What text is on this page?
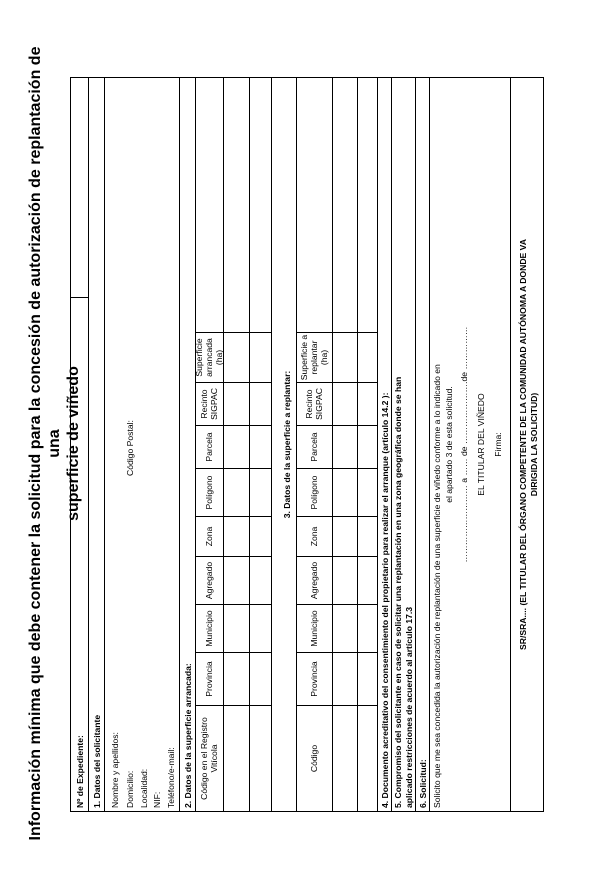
Información mínima que debe contener la solicitud para la concesión de autorización de replantación de una superficie de viñedo
Nº de Expediente: 1. Datos del solicitante Nombre y apellidos: Domicilio:
Código Postal:
Localidad: NIF: Teléfono/e-mail: 2. Datos de la superficie arrancada: Código en el Registro Vitícola
Provincia
Municipio
Agregado
Zona
Polígono
Parcela
Recinto SIGPAC
Superficie arrancada (ha)
3. Datos de la superficie a replantar:
Código
Provincia
Municipio
Agregado
Zona
Polígono
Parcela
Recinto SIGPAC
Superficie a replantar (ha)
4. Documento acreditativo del consentimiento del propietario para realizar el arranque (artículo 14.2 ): 5. Compromiso del solicitante en caso de solicitar una replantación en una zona geográfica donde se han aplicado restricciones de acuerdo al artículo 17.3 6. Solicitud: Solicito que me sea concedida la autorización de replantación de una superficie de viñedo conforme a lo indicado en el apartado 3 de esta solicitud. ……………………… a …… de ………………….de …………… EL TITULAR DEL VIÑEDO Firma: SR/SRA.... (EL TITULAR DEL ÓRGANO COMPETENTE DE LA COMUNIDAD AUTÓNOMA A DONDE VA DIRIGIDA LA SOLICITUD)
